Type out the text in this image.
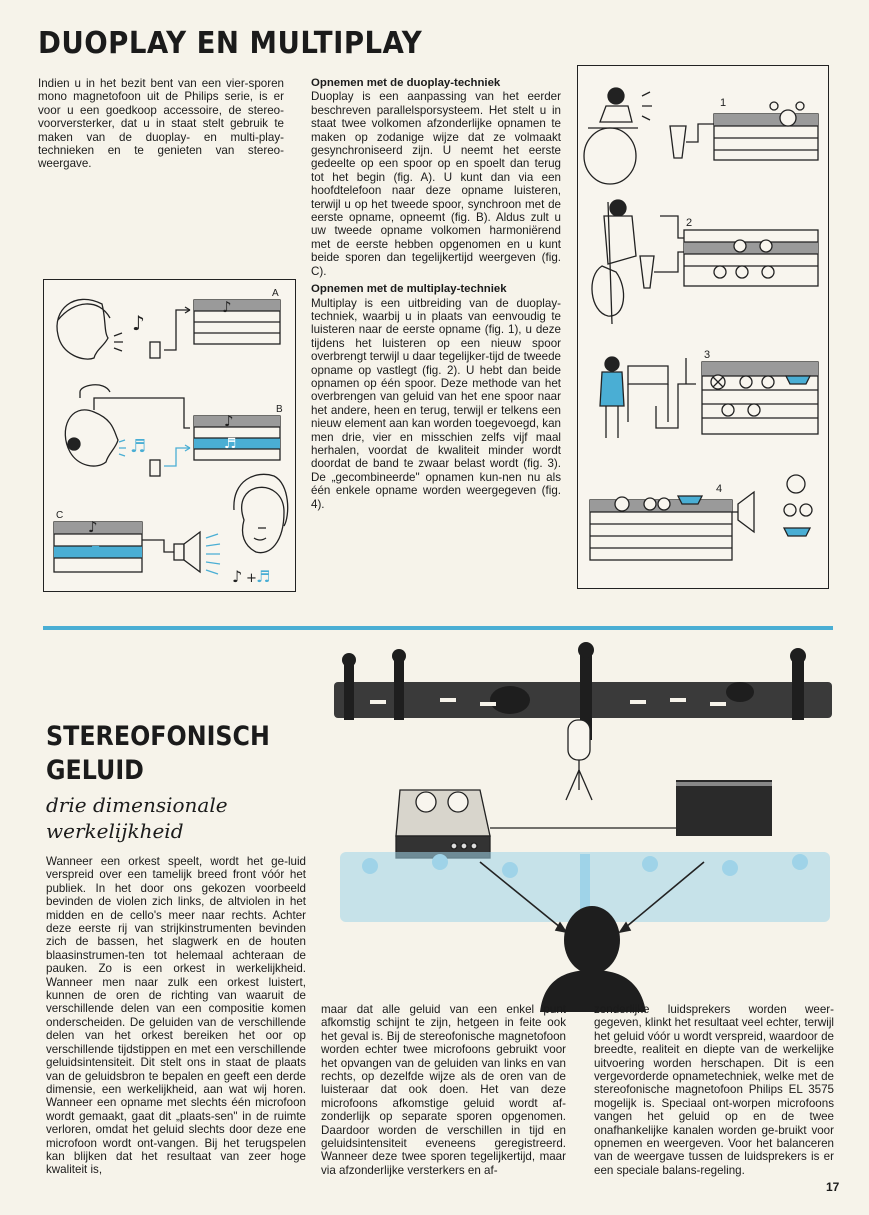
DUOPLAY EN MULTIPLAY
Indien u in het bezit bent van een vier-sporen mono magnetofoon uit de Philips serie, is er voor u een goedkoop accessoire, de stereo-voorversterker, dat u in staat stelt gebruik te maken van de duoplay- en multi-play-technieken en te genieten van stereo-weergave.
Opnemen met de duoplay-techniek
Duoplay is een aanpassing van het eerder beschreven parallelsporsysteem. Het stelt u in staat twee volkomen afzonderlijke opnamen te maken op zodanige wijze dat ze volmaakt gesynchroniseerd zijn. U neemt het eerste gedeelte op een spoor op en spoelt dan terug tot het begin (fig. A). U kunt dan via een hoofdtelefoon naar deze opname luisteren, terwijl u op het tweede spoor, synchroon met de eerste opname, opneemt (fig. B). Aldus zult u uw tweede opname volkomen harmoniërend met de eerste hebben opgenomen en u kunt beide sporen dan tegelijkertijd weergeven (fig. C).
Opnemen met de multiplay-techniek
Multiplay is een uitbreiding van de duoplay-techniek, waarbij u in plaats van eenvoudig te luisteren naar de eerste opname (fig. 1), u deze tijdens het luisteren op een nieuw spoor overbrengt terwijl u daar tegelijker-tijd de tweede opname op vastlegt (fig. 2). U hebt dan beide opnamen op één spoor. Deze methode van het overbrengen van geluid van het ene spoor naar het andere, heen en terug, terwijl er telkens een nieuw element aan kan worden toegevoegd, kan men drie, vier en misschien zelfs vijf maal herhalen, voordat de kwaliteit minder wordt doordat de band te zwaar belast wordt (fig. 3). De „gecombineerde" opnamen kun-nen nu als één enkele opname worden weergegeven (fig. 4).
♪
♪
A
♬
♪
♬
B
♪
♬
♪ + ♬
C
1
2
3
4
STEREOFONISCH
GELUID
drie dimensionale
werkelijkheid
Wanneer een orkest speelt, wordt het ge-luid verspreid over een tamelijk breed front vóór het publiek. In het door ons gekozen voorbeeld bevinden de violen zich links, de altviolen in het midden en de cello's meer naar rechts. Achter deze eerste rij van strijkinstrumenten bevinden zich de bassen, het slagwerk en de houten blaasinstrumen-ten tot helemaal achteraan de pauken. Zo is een orkest in werkelijkheid. Wanneer men naar zulk een orkest luistert, kunnen de oren de richting van waaruit de verschillende delen van een compositie komen onderscheiden. De geluiden van de verschillende delen van het orkest bereiken het oor op verschillende tijdstippen en met een verschillende geluidsintensiteit. Dit stelt ons in staat de plaats van de geluidsbron te bepalen en geeft een derde dimensie, een werkelijkheid, aan wat wij horen. Wanneer een opname met slechts één microfoon wordt gemaakt, gaat dit „plaats-sen" in de ruimte verloren, omdat het geluid slechts door deze ene microfoon wordt ont-vangen. Bij het terugspelen kan blijken dat het resultaat van zeer hoge kwaliteit is,
maar dat alle geluid van een enkel punt afkomstig schijnt te zijn, hetgeen in feite ook het geval is. Bij de stereofonische magnetofoon worden echter twee microfoons gebruikt voor het opvangen van de geluiden van links en van rechts, op dezelfde wijze als de oren van de luisteraar dat ook doen. Het van deze microfoons afkomstige geluid wordt af-zonderlijk op separate sporen opgenomen. Daardoor worden de verschillen in tijd en geluidsintensiteit eveneens geregistreerd. Wanneer deze twee sporen tegelijkertijd, maar via afzonderlijke versterkers en af-
zonderlijke luidsprekers worden weer-gegeven, klinkt het resultaat veel echter, terwijl het geluid vóór u wordt verspreid, waardoor de breedte, realiteit en diepte van de werkelijke uitvoering worden herschapen. Dit is een vergevorderde opnametechniek, welke met de stereofonische magnetofoon Philips EL 3575 mogelijk is. Speciaal ont-worpen microfoons vangen het geluid op en de twee onafhankelijke kanalen worden ge-bruikt voor opnemen en weergeven. Voor het balanceren van de weergave tussen de luidsprekers is er een speciale balans-regeling.
17
